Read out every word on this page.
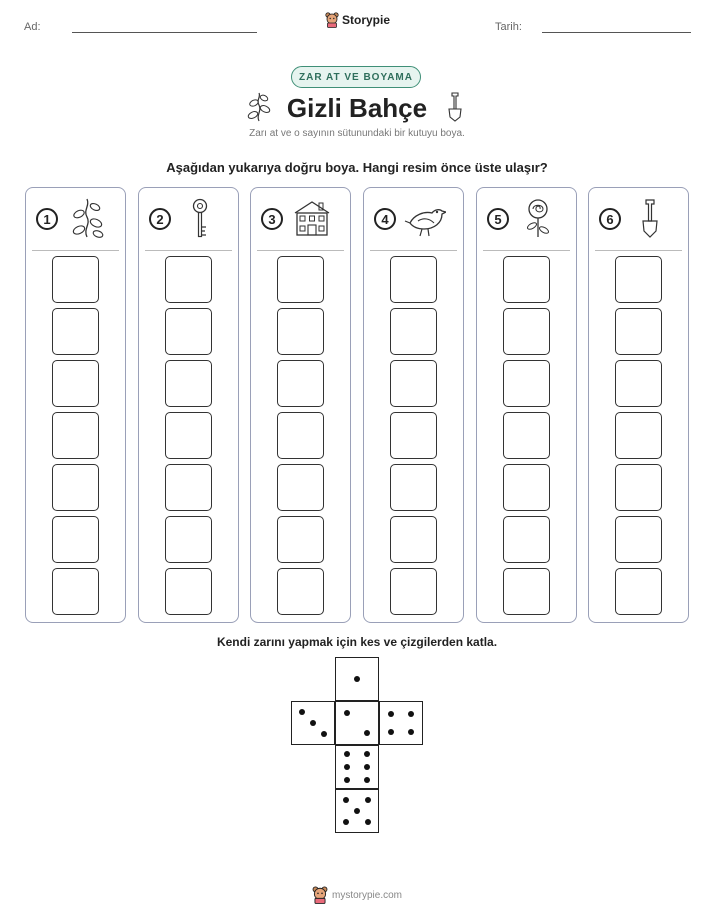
Ad:	Storypie	Tarih:
ZAR AT VE BOYAMA
Gizli Bahçe
Zarı at ve o sayının sütunundaki bir kutuyu boya.
Aşağıdan yukarıya doğru boya. Hangi resim önce üste ulaşır?
1	2	3	4	5	6
Kendi zarını yapmak için kes ve çizgilerden katla.
mystorypie.com
